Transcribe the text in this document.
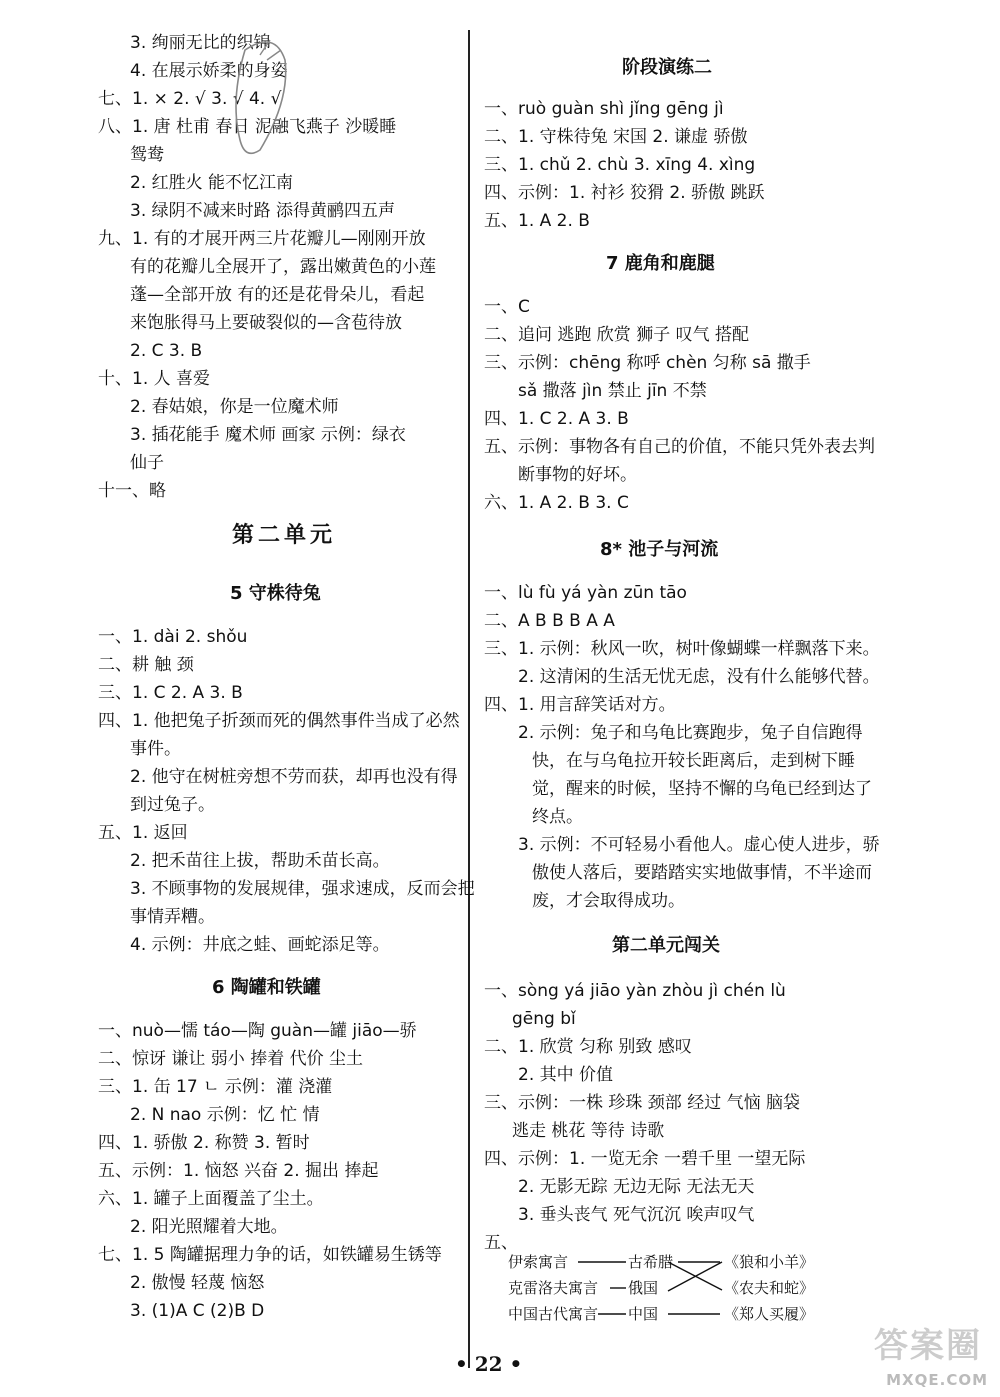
3. 绚丽无比的织锦
4. 在展示娇柔的身姿
七、1. × 2. √ 3. √ 4. √
八、1. 唐 杜甫 春日 泥融飞燕子 沙暖睡
鸳鸯
2. 红胜火 能不忆江南
3. 绿阴不减来时路 添得黄鹂四五声
九、1. 有的才展开两三片花瓣儿—刚刚开放
有的花瓣儿全展开了，露出嫩黄色的小莲
蓬—全部开放 有的还是花骨朵儿，看起
来饱胀得马上要破裂似的—含苞待放
2. C 3. B
十、1. 人 喜爱
2. 春姑娘，你是一位魔术师
3. 插花能手 魔术师 画家 示例：绿衣
仙子
十一、略
第二单元
5 守株待兔
一、1. dài 2. shǒu
二、耕 触 颈
三、1. C 2. A 3. B
四、1. 他把兔子折颈而死的偶然事件当成了必然
事件。
2. 他守在树桩旁想不劳而获，却再也没有得
到过兔子。
五、1. 返回
2. 把禾苗往上拔，帮助禾苗长高。
3. 不顾事物的发展规律，强求速成，反而会把
事情弄糟。
4. 示例：井底之蛙、画蛇添足等。
6 陶罐和铁罐
一、nuò—懦 táo—陶 guàn—罐 jiāo—骄
二、惊讶 谦让 弱小 捧着 代价 尘土
三、1. 缶 17 ㄴ 示例：灌 浇灌
2. N nao 示例：忆 忙 情
四、1. 骄傲 2. 称赞 3. 暂时
五、示例：1. 恼怒 兴奋 2. 掘出 捧起
六、1. 罐子上面覆盖了尘土。
2. 阳光照耀着大地。
七、1. 5 陶罐据理力争的话，如铁罐易生锈等
2. 傲慢 轻蔑 恼怒
3. (1)A C (2)B D
阶段演练二
一、ruò guàn shì jǐng gēng jì
二、1. 守株待兔 宋国 2. 谦虚 骄傲
三、1. chǔ 2. chù 3. xīng 4. xìng
四、示例：1. 衬衫 狡猾 2. 骄傲 跳跃
五、1. A 2. B
7 鹿角和鹿腿
一、C
二、追问 逃跑 欣赏 狮子 叹气 搭配
三、示例：chēng 称呼 chèn 匀称 sā 撒手
sǎ 撒落 jìn 禁止 jīn 不禁
四、1. C 2. A 3. B
五、示例：事物各有自己的价值，不能只凭外表去判
断事物的好坏。
六、1. A 2. B 3. C
8* 池子与河流
一、lù fù yá yàn zūn tāo
二、A B B B A A
三、1. 示例：秋风一吹，树叶像蝴蝶一样飘落下来。
2. 这清闲的生活无忧无虑，没有什么能够代替。
四、1. 用言辞笑话对方。
2. 示例：兔子和乌龟比赛跑步，兔子自信跑得
快，在与乌龟拉开较长距离后，走到树下睡
觉，醒来的时候，坚持不懈的乌龟已经到达了
终点。
3. 示例：不可轻易小看他人。虚心使人进步，骄
傲使人落后，要踏踏实实地做事情，不半途而
废，才会取得成功。
第二单元闯关
一、sòng yá jiāo yàn zhòu jì chén lù
gēng bǐ
二、1. 欣赏 匀称 别致 感叹
2. 其中 价值
三、示例：一株 珍珠 颈部 经过 气恼 脑袋
逃走 桃花 等待 诗歌
四、示例：1. 一览无余 一碧千里 一望无际
2. 无影无踪 无边无际 无法无天
3. 垂头丧气 死气沉沉 唉声叹气
五、
伊索寓言
克雷洛夫寓言
中国古代寓言
古希腊
俄国
中国
《狼和小羊》
《农夫和蛇》
《郑人买履》
• 22 •	答案圈
MXQE.COM
